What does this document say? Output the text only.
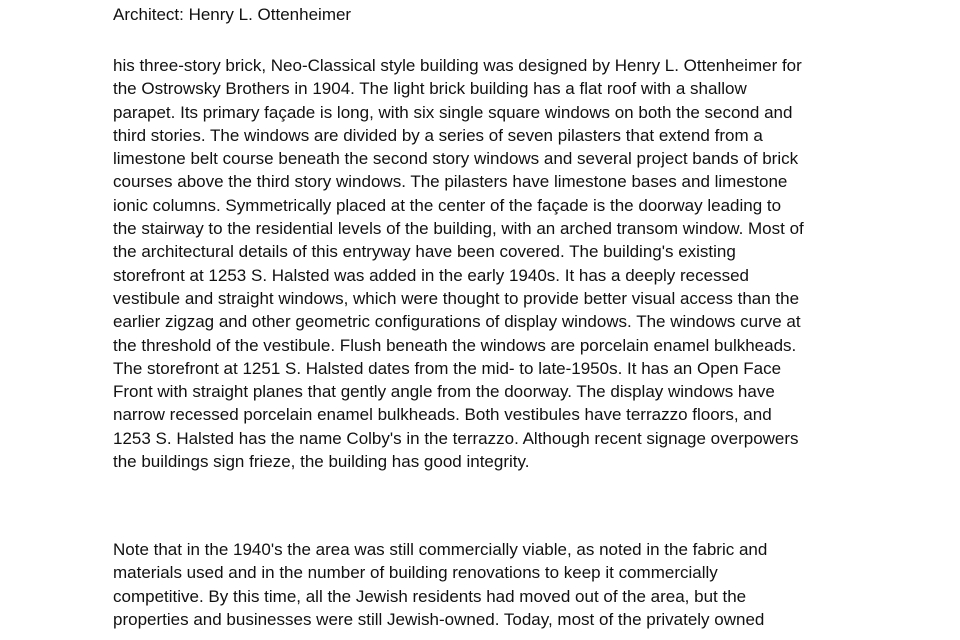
Architect: Henry L. Ottenheimer
his three-story brick, Neo-Classical style building was designed by Henry L. Ottenheimer for
the Ostrowsky Brothers in 1904. The light brick building has a flat roof with a shallow
parapet. Its primary façade is long, with six single square windows on both the second and
third stories. The windows are divided by a series of seven pilasters that extend from a
limestone belt course beneath the second story windows and several project bands of brick
courses above the third story windows. The pilasters have limestone bases and limestone
ionic columns. Symmetrically placed at the center of the façade is the doorway leading to
the stairway to the residential levels of the building, with an arched transom window. Most of
the architectural details of this entryway have been covered. The building's existing
storefront at 1253 S. Halsted was added in the early 1940s. It has a deeply recessed
vestibule and straight windows, which were thought to provide better visual access than the
earlier zigzag and other geometric configurations of display windows. The windows curve at
the threshold of the vestibule. Flush beneath the windows are porcelain enamel bulkheads.
The storefront at 1251 S. Halsted dates from the mid- to late-1950s. It has an Open Face
Front with straight planes that gently angle from the doorway. The display windows have
narrow recessed porcelain enamel bulkheads. Both vestibules have terrazzo floors, and
1253 S. Halsted has the name Colby's in the terrazzo. Although recent signage overpowers
the buildings sign frieze, the building has good integrity.
Note that in the 1940's the area was still commercially viable, as noted in the fabric and
materials used and in the number of building renovations to keep it commercially
competitive. By this time, all the Jewish residents had moved out of the area, but the
properties and businesses were still Jewish-owned. Today, most of the privately owned
